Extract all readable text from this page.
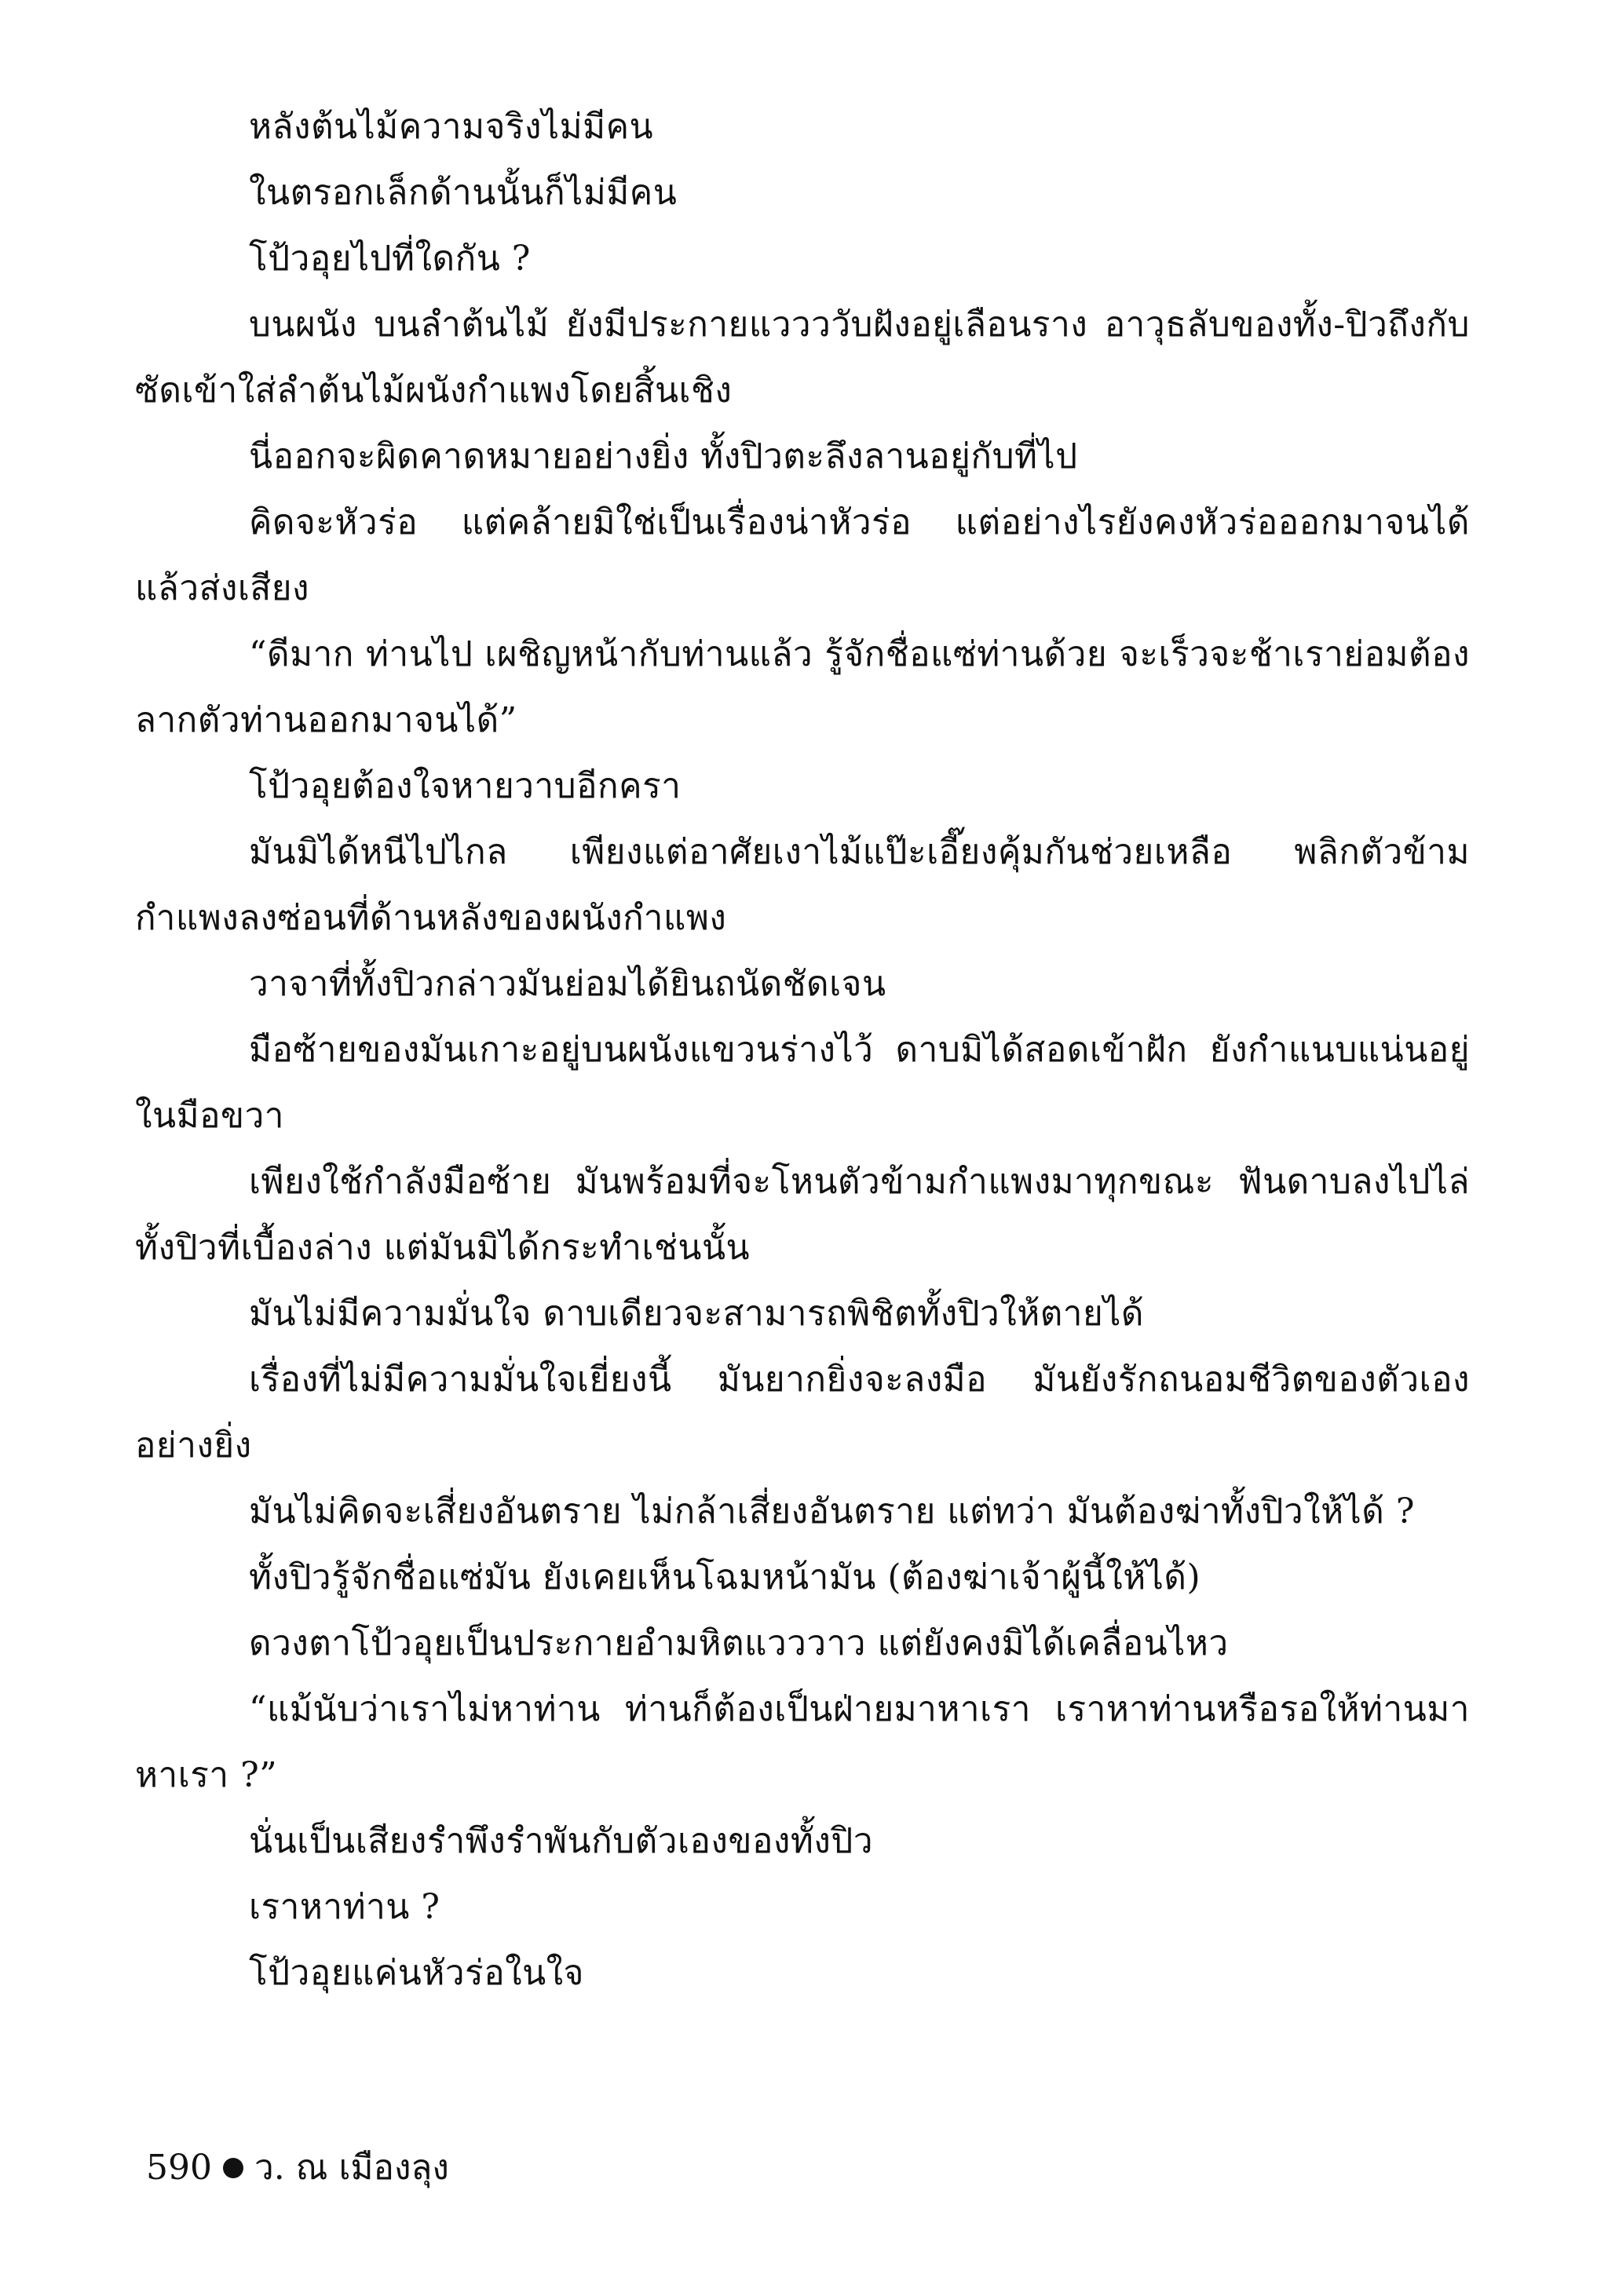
หลังต้นไม้ความจริงไม่มีคน

ในตรอกเล็กด้านนั้นก็ไม่มีคน

โป้วอุยไปที่ใดกัน ?

บนผนัง บนลำต้นไม้ ยังมีประกายแววววับฝังอยู่เลือนราง อาวุธลับของทั้ง-ปิวถึงกับซัดเข้าใส่ลำต้นไม้ผนังกำแพงโดยสิ้นเชิง

นี่ออกจะผิดคาดหมายอย่างยิ่ง ทั้งปิวตะลึงลานอยู่กับที่ไป

คิดจะหัวร่อ แต่คล้ายมิใช่เป็นเรื่องน่าหัวร่อ แต่อย่างไรยังคงหัวร่อออกมาจนได้ แล้วส่งเสียง

“ดีมาก ท่านไป เผชิญหน้ากับท่านแล้ว รู้จักชื่อแซ่ท่านด้วย จะเร็วจะช้าเราย่อมต้องลากตัวท่านออกมาจนได้”

โป้วอุยต้องใจหายวาบอีกครา

มันมิได้หนีไปไกล เพียงแต่อาศัยเงาไม้แป๊ะเอี๊ยงคุ้มกันช่วยเหลือ พลิกตัวข้ามกำแพงลงซ่อนที่ด้านหลังของผนังกำแพง

วาจาที่ทั้งปิวกล่าวมันย่อมได้ยินถนัดชัดเจน

มือซ้ายของมันเกาะอยู่บนผนังแขวนร่างไว้ ดาบมิได้สอดเข้าฝัก ยังกำแนบแน่นอยู่ในมือขวา

เพียงใช้กำลังมือซ้าย มันพร้อมที่จะโหนตัวข้ามกำแพงมาทุกขณะ ฟันดาบลงไปไล่ทั้งปิวที่เบื้องล่าง แต่มันมิได้กระทำเช่นนั้น

มันไม่มีความมั่นใจ ดาบเดียวจะสามารถพิชิตทั้งปิวให้ตายได้

เรื่องที่ไม่มีความมั่นใจเยี่ยงนี้ มันยากยิ่งจะลงมือ มันยังรักถนอมชีวิตของตัวเองอย่างยิ่ง

มันไม่คิดจะเสี่ยงอันตราย ไม่กล้าเสี่ยงอันตราย แต่ทว่า มันต้องฆ่าทั้งปิวให้ได้ ?

ทั้งปิวรู้จักชื่อแซ่มัน ยังเคยเห็นโฉมหน้ามัน (ต้องฆ่าเจ้าผู้นี้ให้ได้)

ดวงตาโป้วอุยเป็นประกายอำมหิตแวววาว แต่ยังคงมิได้เคลื่อนไหว

“แม้นับว่าเราไม่หาท่าน ท่านก็ต้องเป็นฝ่ายมาหาเรา เราหาท่านหรือรอให้ท่านมาหาเรา ?”

นั่นเป็นเสียงรำพึงรำพันกับตัวเองของทั้งปิว

เราหาท่าน ?

โป้วอุยแค่นหัวร่อในใจ

590 ว. ณ เมืองลุง
